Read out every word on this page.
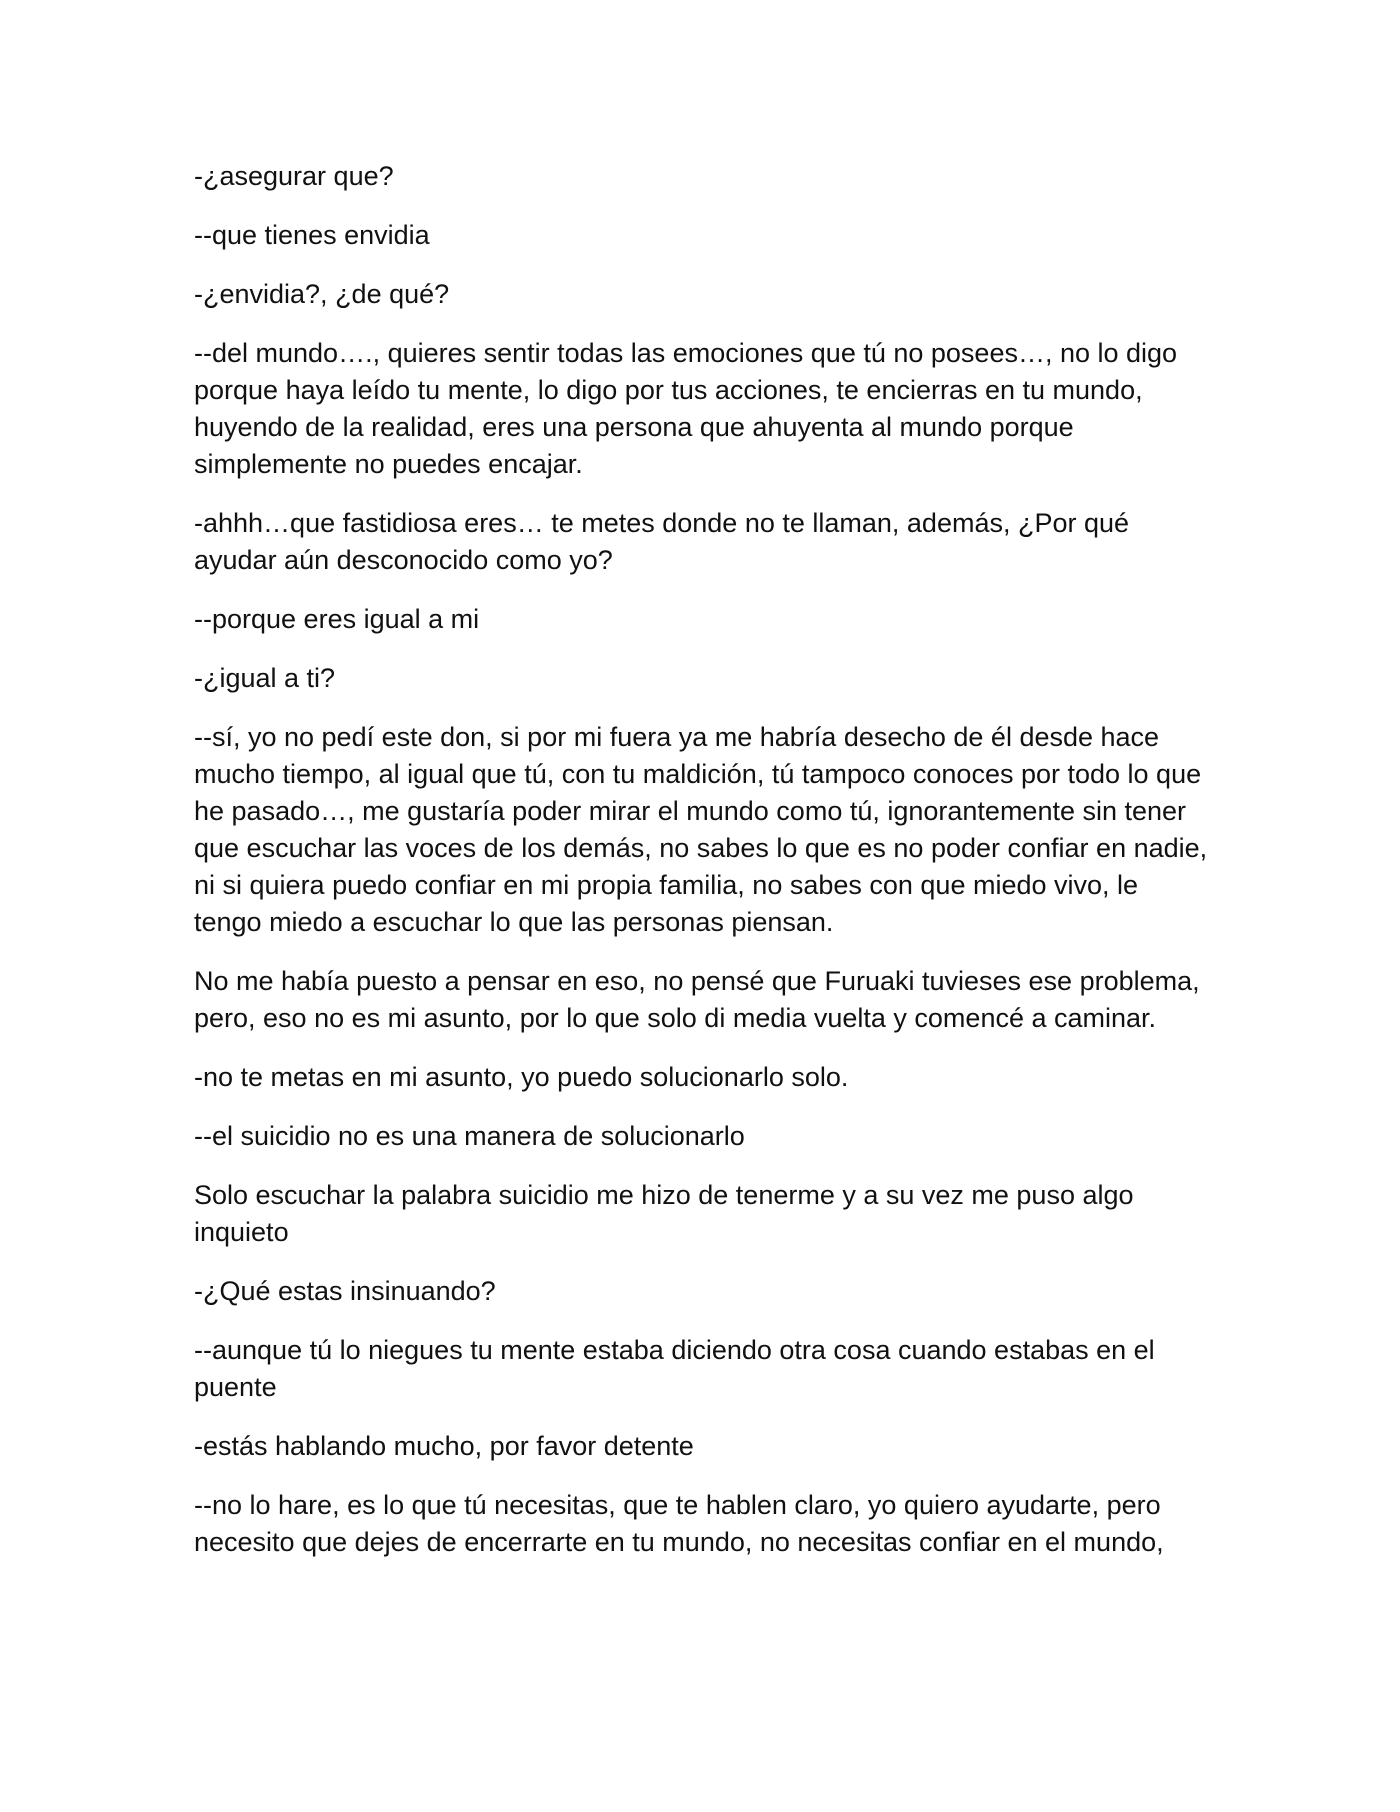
-¿asegurar que?

--que tienes envidia

-¿envidia?, ¿de qué?

--del mundo…., quieres sentir todas las emociones que tú no posees…, no lo digo porque haya leído tu mente, lo digo por tus acciones, te encierras en tu mundo, huyendo de la realidad, eres una persona que ahuyenta al mundo porque simplemente no puedes encajar.

-ahhh…que fastidiosa eres… te metes donde no te llaman, además, ¿Por qué ayudar aún desconocido como yo?

--porque eres igual a mi

-¿igual a ti?

--sí, yo no pedí este don, si por mi fuera ya me habría desecho de él desde hace mucho tiempo, al igual que tú, con tu maldición, tú tampoco conoces por todo lo que he pasado…, me gustaría poder mirar el mundo como tú, ignorantemente sin tener que escuchar las voces de los demás, no sabes lo que es no poder confiar en nadie, ni si quiera puedo confiar en mi propia familia, no sabes con que miedo vivo, le tengo miedo a escuchar lo que las personas piensan.

No me había puesto a pensar en eso, no pensé que Furuaki tuvieses ese problema, pero, eso no es mi asunto, por lo que solo di media vuelta y comencé a caminar.

-no te metas en mi asunto, yo puedo solucionarlo solo.

--el suicidio no es una manera de solucionarlo

Solo escuchar la palabra suicidio me hizo de tenerme y a su vez me puso algo inquieto

-¿Qué estas insinuando?

--aunque tú lo niegues tu mente estaba diciendo otra cosa cuando estabas en el puente

-estás hablando mucho, por favor detente

--no lo hare, es lo que tú necesitas, que te hablen claro, yo quiero ayudarte, pero necesito que dejes de encerrarte en tu mundo, no necesitas confiar en el mundo,
